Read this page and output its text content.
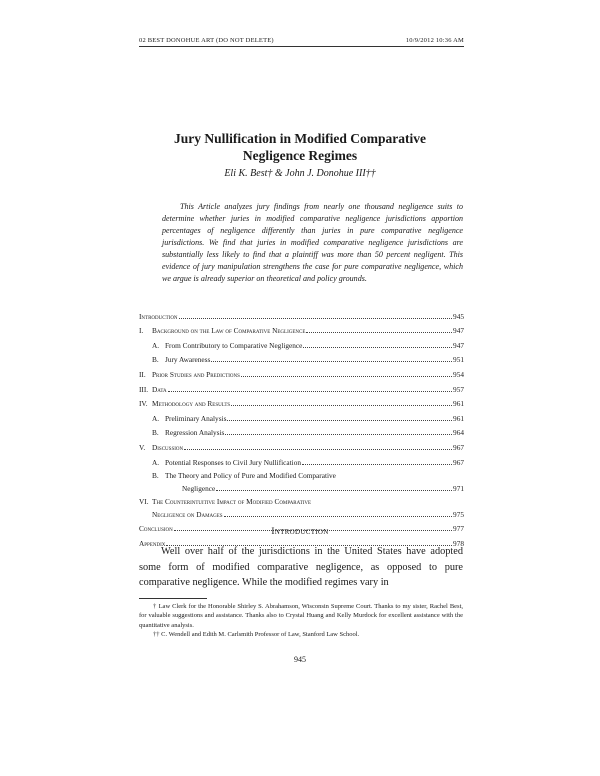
02 BEST DONOHUE ART (DO NOT DELETE)	10/9/2012 10:36 AM
Jury Nullification in Modified Comparative
Negligence Regimes
Eli K. Best† & John J. Donohue III††

This Article analyzes jury findings from nearly one thousand negligence suits to determine whether juries in modified comparative negligence jurisdictions apportion percentages of negligence differently than juries in pure comparative negligence jurisdictions. We find that juries in modified comparative negligence jurisdictions are substantially less likely to find that a plaintiff was more than 50 percent negligent. This evidence of jury manipulation strengthens the case for pure comparative negligence, which we argue is already superior on theoretical and policy grounds.

Introduction	945
I.	Background on the Law of Comparative Negligence	947
A. From Contributory to Comparative Negligence	947
B. Jury Awareness	951
II. Prior Studies and Predictions	954
III. Data	957
IV. Methodology and Results	961
A. Preliminary Analysis	961
B. Regression Analysis	964
V. Discussion	967
A. Potential Responses to Civil Jury Nullification	967
B. The Theory and Policy of Pure and Modified Comparative
Negligence	971
VI. The Counterintuitive Impact of Modified Comparative
Negligence on Damages	975
Conclusion	977
Appendix	978
Introduction

Well over half of the jurisdictions in the United States have adopted some form of modified comparative negligence, as opposed to pure comparative negligence. While the modified regimes vary in

† Law Clerk for the Honorable Shirley S. Abrahamson, Wisconsin Supreme Court. Thanks to my sister, Rachel Best, for valuable suggestions and assistance. Thanks also to Crystal Huang and Kelly Murdock for excellent assistance with the quantitative analysis.

†† C. Wendell and Edith M. Carlsmith Professor of Law, Stanford Law School.

945
